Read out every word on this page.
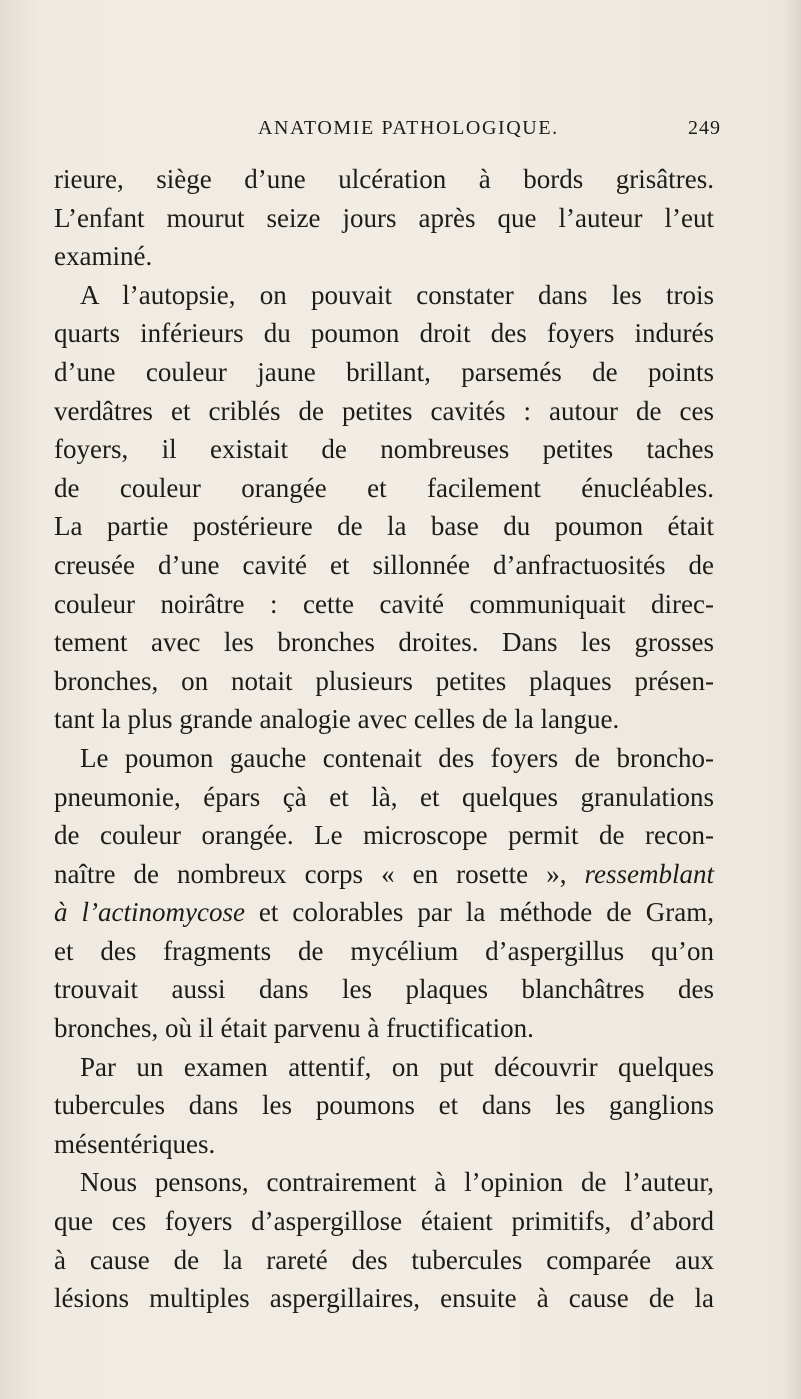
ANATOMIE PATHOLOGIQUE.	249
rieure, siège d’une ulcération à bords grisâtres.
L’enfant mourut seize jours après que l’auteur l’eut
examiné.
A l’autopsie, on pouvait constater dans les trois
quarts inférieurs du poumon droit des foyers indurés
d’une couleur jaune brillant, parsemés de points
verdâtres et criblés de petites cavités : autour de ces
foyers, il existait de nombreuses petites taches
de couleur orangée et facilement énucléables.
La partie postérieure de la base du poumon était
creusée d’une cavité et sillonnée d’anfractuosités de
couleur noirâtre : cette cavité communiquait direc-
tement avec les bronches droites. Dans les grosses
bronches, on notait plusieurs petites plaques présen-
tant la plus grande analogie avec celles de la langue.
Le poumon gauche contenait des foyers de broncho-
pneumonie, épars çà et là, et quelques granulations
de couleur orangée. Le microscope permit de recon-
naître de nombreux corps « en rosette », ressemblant
à l’actinomycose et colorables par la méthode de Gram,
et des fragments de mycélium d’aspergillus qu’on
trouvait aussi dans les plaques blanchâtres des
bronches, où il était parvenu à fructification.
Par un examen attentif, on put découvrir quelques
tubercules dans les poumons et dans les ganglions
mésentériques.
Nous pensons, contrairement à l’opinion de l’auteur,
que ces foyers d’aspergillose étaient primitifs, d’abord
à cause de la rareté des tubercules comparée aux
lésions multiples aspergillaires, ensuite à cause de la
